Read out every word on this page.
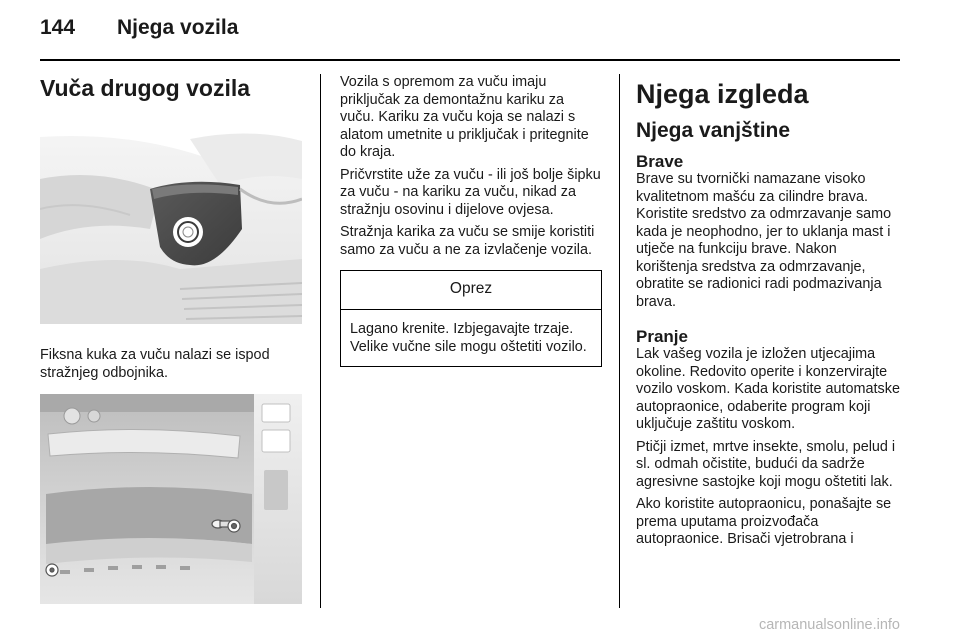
144 Njega vozila
Vuča drugog vozila

Fiksna kuka za vuču nalazi se ispod stražnjeg odbojnika.

Vozila s opremom za vuču imaju priključak za demontažnu kariku za vuču. Kariku za vuču koja se nalazi s alatom umetnite u priključak i pritegnite do kraja.

Pričvrstite uže za vuču - ili još bolje šipku za vuču - na kariku za vuču, nikad za stražnju osovinu i dijelove ovjesa.

Stražnja karika za vuču se smije koristiti samo za vuču a ne za izvlačenje vozila.

Oprez

Lagano krenite. Izbjegavajte trzaje. Velike vučne sile mogu oštetiti vozilo.

Njega izgleda
Njega vanjštine
Brave

Brave su tvornički namazane visoko kvalitetnom mašću za cilindre brava. Koristite sredstvo za odmrzavanje samo kada je neophodno, jer to uklanja mast i utječe na funkciju brave. Nakon korištenja sredstva za odmrzavanje, obratite se radionici radi podmazivanja brava.

Pranje

Lak vašeg vozila je izložen utjecajima okoline. Redovito operite i konzervirajte vozilo voskom. Kada koristite automatske autopraonice, odaberite program koji uključuje zaštitu voskom.

Ptičji izmet, mrtve insekte, smolu, pelud i sl. odmah očistite, budući da sadrže agresivne sastojke koji mogu oštetiti lak.

Ako koristite autopraonicu, ponašajte se prema uputama proizvođača autopraonice. Brisači vjetrobrana i

carmanualsonline.info
